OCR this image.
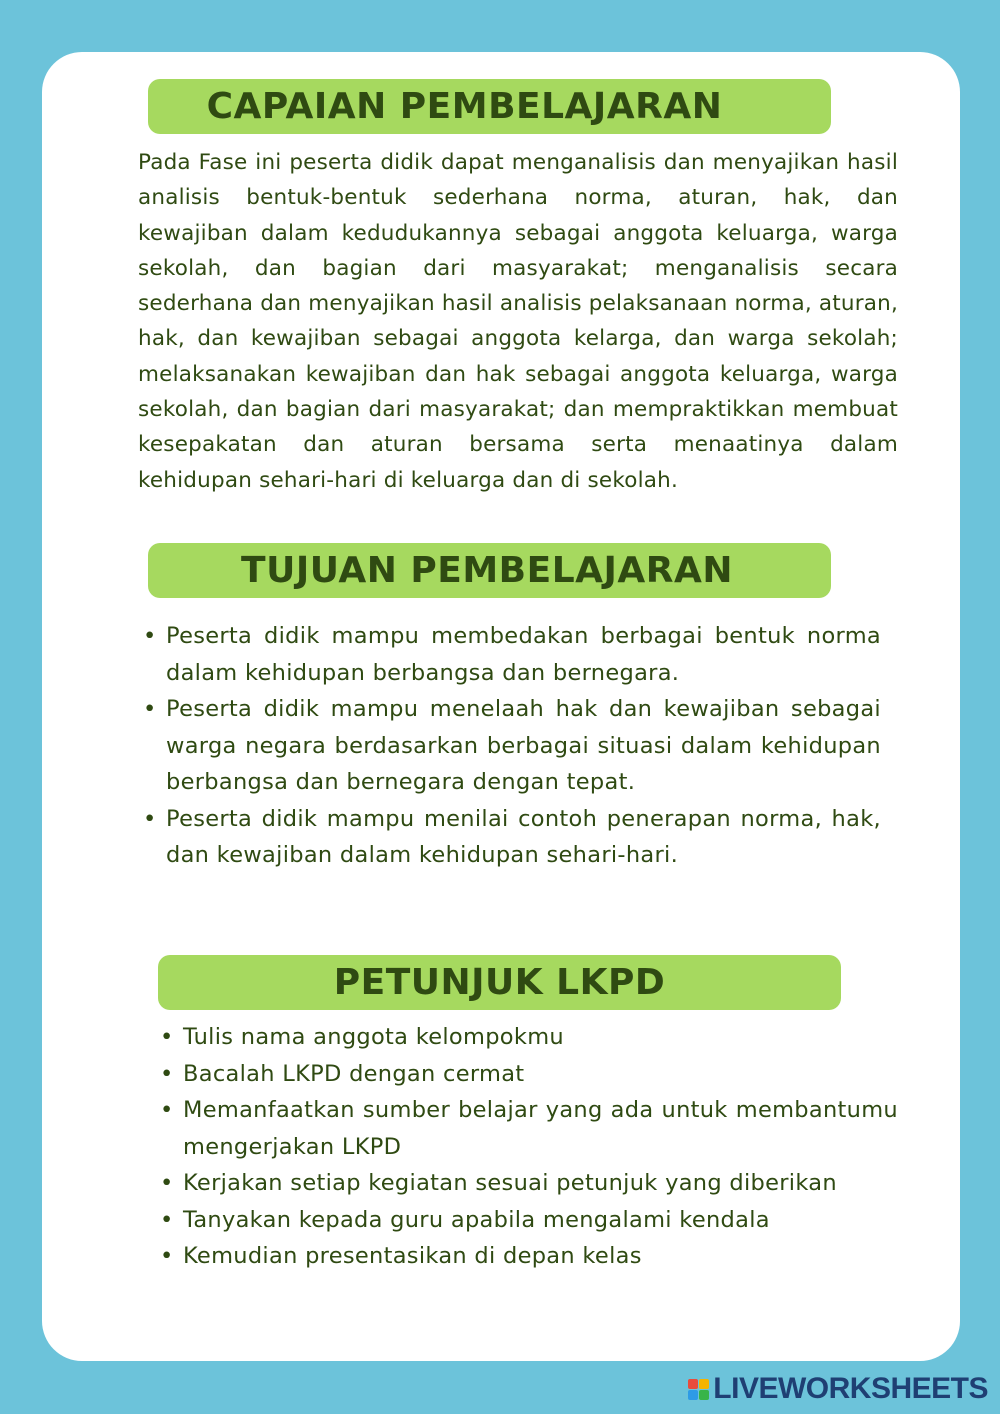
CAPAIAN PEMBELAJARAN

Pada Fase ini peserta didik dapat menganalisis dan menyajikan hasil analisis bentuk-bentuk sederhana norma, aturan, hak, dan kewajiban dalam kedudukannya sebagai anggota keluarga, warga sekolah, dan bagian dari masyarakat; menganalisis secara sederhana dan menyajikan hasil analisis pelaksanaan norma, aturan, hak, dan kewajiban sebagai anggota kelarga, dan warga sekolah; melaksanakan kewajiban dan hak sebagai anggota keluarga, warga sekolah, dan bagian dari masyarakat; dan mempraktikkan membuat kesepakatan dan aturan bersama serta menaatinya dalam kehidupan sehari-hari di keluarga dan di sekolah.

TUJUAN PEMBELAJARAN
• Peserta didik mampu membedakan berbagai bentuk norma dalam kehidupan berbangsa dan bernegara.
• Peserta didik mampu menelaah hak dan kewajiban sebagai warga negara berdasarkan berbagai situasi dalam kehidupan berbangsa dan bernegara dengan tepat.
• Peserta didik mampu menilai contoh penerapan norma, hak, dan kewajiban dalam kehidupan sehari-hari.
PETUNJUK LKPD
• Tulis nama anggota kelompokmu
• Bacalah LKPD dengan cermat
• Memanfaatkan sumber belajar yang ada untuk membantumu mengerjakan LKPD
• Kerjakan setiap kegiatan sesuai petunjuk yang diberikan
• Tanyakan kepada guru apabila mengalami kendala
• Kemudian presentasikan di depan kelas
LIVEWORKSHEETS
